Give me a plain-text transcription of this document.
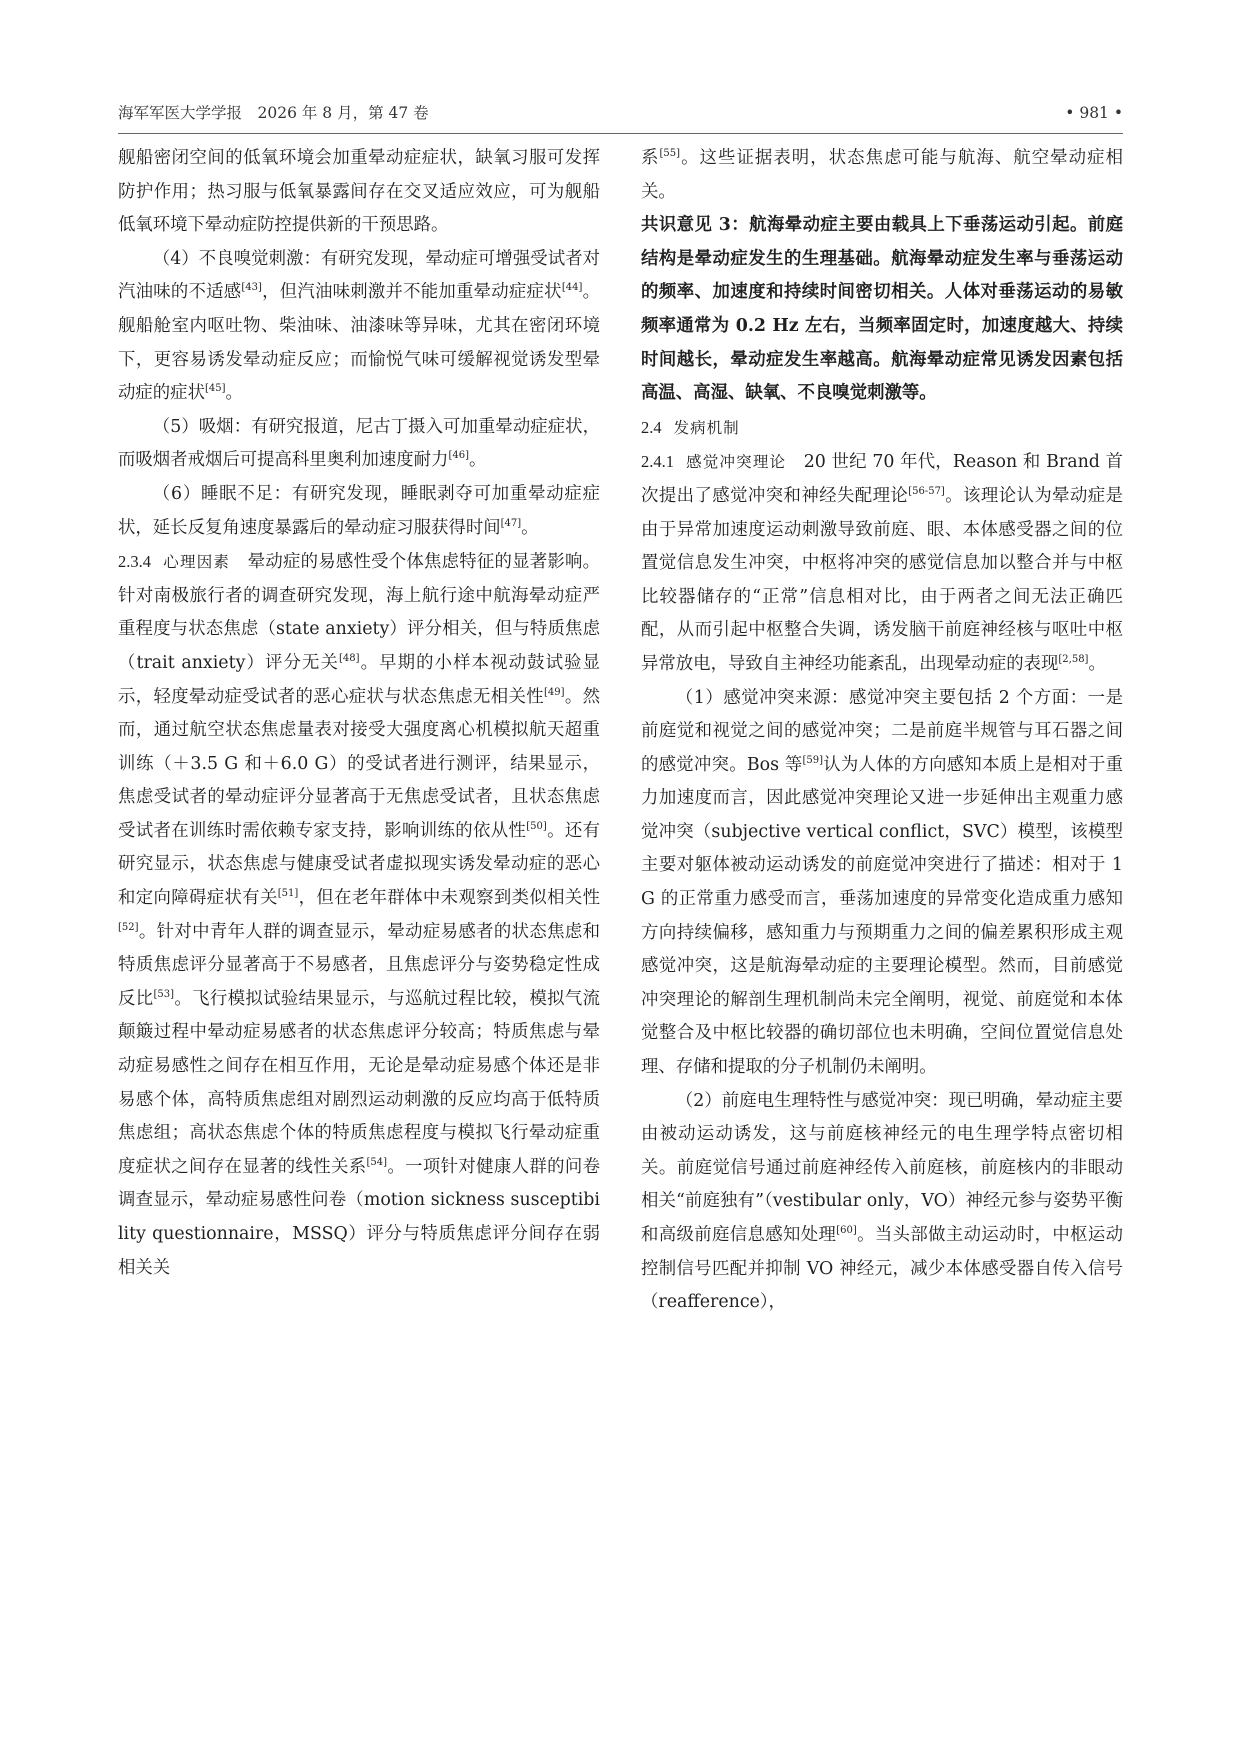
海军军医大学学报　2026 年 8 月，第 47 卷	• 981 •

舰船密闭空间的低氧环境会加重晕动症症状，缺氧习服可发挥防护作用；热习服与低氧暴露间存在交叉适应效应，可为舰船低氧环境下晕动症防控提供新的干预思路。

（4）不良嗅觉刺激：有研究发现，晕动症可增强受试者对汽油味的不适感[43]，但汽油味刺激并不能加重晕动症症状[44]。舰船舱室内呕吐物、柴油味、油漆味等异味，尤其在密闭环境下，更容易诱发晕动症反应；而愉悦气味可缓解视觉诱发型晕动症的症状[45]。

（5）吸烟：有研究报道，尼古丁摄入可加重晕动症症状，而吸烟者戒烟后可提高科里奥利加速度耐力[46]。

（6）睡眠不足：有研究发现，睡眠剥夺可加重晕动症症状，延长反复角速度暴露后的晕动症习服获得时间[47]。

2.3.4 心理因素　 晕动症的易感性受个体焦虑特征的显著影响。针对南极旅行者的调查研究发现，海上航行途中航海晕动症严重程度与状态焦虑（state anxiety）评分相关，但与特质焦虑（trait anxiety）评分无关[48]。早期的小样本视动鼓试验显示，轻度晕动症受试者的恶心症状与状态焦虑无相关性[49]。然而，通过航空状态焦虑量表对接受大强度离心机模拟航天超重训练（＋3.5 G 和＋6.0 G）的受试者进行测评，结果显示，焦虑受试者的晕动症评分显著高于无焦虑受试者，且状态焦虑受试者在训练时需依赖专家支持，影响训练的依从性[50]。还有研究显示，状态焦虑与健康受试者虚拟现实诱发晕动症的恶心和定向障碍症状有关[51]，但在老年群体中未观察到类似相关性[52]。针对中青年人群的调查显示，晕动症易感者的状态焦虑和特质焦虑评分显著高于不易感者，且焦虑评分与姿势稳定性成反比[53]。飞行模拟试验结果显示，与巡航过程比较，模拟气流颠簸过程中晕动症易感者的状态焦虑评分较高；特质焦虑与晕动症易感性之间存在相互作用，无论是晕动症易感个体还是非易感个体，高特质焦虑组对剧烈运动刺激的反应均高于低特质焦虑组；高状态焦虑个体的特质焦虑程度与模拟飞行晕动症重度症状之间存在显著的线性关系[54]。一项针对健康人群的问卷调查显示，晕动症易感性问卷（motion sickness susceptibility questionnaire，MSSQ）评分与特质焦虑评分间存在弱相关关

系[55]。这些证据表明，状态焦虑可能与航海、航空晕动症相关。

共识意见 3：航海晕动症主要由载具上下垂荡运动引起。前庭结构是晕动症发生的生理基础。航海晕动症发生率与垂荡运动的频率、加速度和持续时间密切相关。人体对垂荡运动的易敏频率通常为 0.2 Hz 左右，当频率固定时，加速度越大、持续时间越长，晕动症发生率越高。航海晕动症常见诱发因素包括高温、高湿、缺氧、不良嗅觉刺激等。

2.4 发病机制

2.4.1 感觉冲突理论　 20 世纪 70 年代，Reason 和 Brand 首次提出了感觉冲突和神经失配理论[56-57]。该理论认为晕动症是由于异常加速度运动刺激导致前庭、眼、本体感受器之间的位置觉信息发生冲突，中枢将冲突的感觉信息加以整合并与中枢比较器储存的“正常”信息相对比，由于两者之间无法正确匹配，从而引起中枢整合失调，诱发脑干前庭神经核与呕吐中枢异常放电，导致自主神经功能紊乱，出现晕动症的表现[2,58]。

（1）感觉冲突来源：感觉冲突主要包括 2 个方面：一是前庭觉和视觉之间的感觉冲突；二是前庭半规管与耳石器之间的感觉冲突。Bos 等[59]认为人体的方向感知本质上是相对于重力加速度而言，因此感觉冲突理论又进一步延伸出主观重力感觉冲突（subjective vertical conflict，SVC）模型，该模型主要对躯体被动运动诱发的前庭觉冲突进行了描述：相对于 1 G 的正常重力感受而言，垂荡加速度的异常变化造成重力感知方向持续偏移，感知重力与预期重力之间的偏差累积形成主观感觉冲突，这是航海晕动症的主要理论模型。然而，目前感觉冲突理论的解剖生理机制尚未完全阐明，视觉、前庭觉和本体觉整合及中枢比较器的确切部位也未明确，空间位置觉信息处理、存储和提取的分子机制仍未阐明。

（2）前庭电生理特性与感觉冲突：现已明确，晕动症主要由被动运动诱发，这与前庭核神经元的电生理学特点密切相关。前庭觉信号通过前庭神经传入前庭核，前庭核内的非眼动相关“前庭独有”（vestibular only，VO）神经元参与姿势平衡和高级前庭信息感知处理[60]。当头部做主动运动时，中枢运动控制信号匹配并抑制 VO 神经元，减少本体感受器自传入信号（reafference），
